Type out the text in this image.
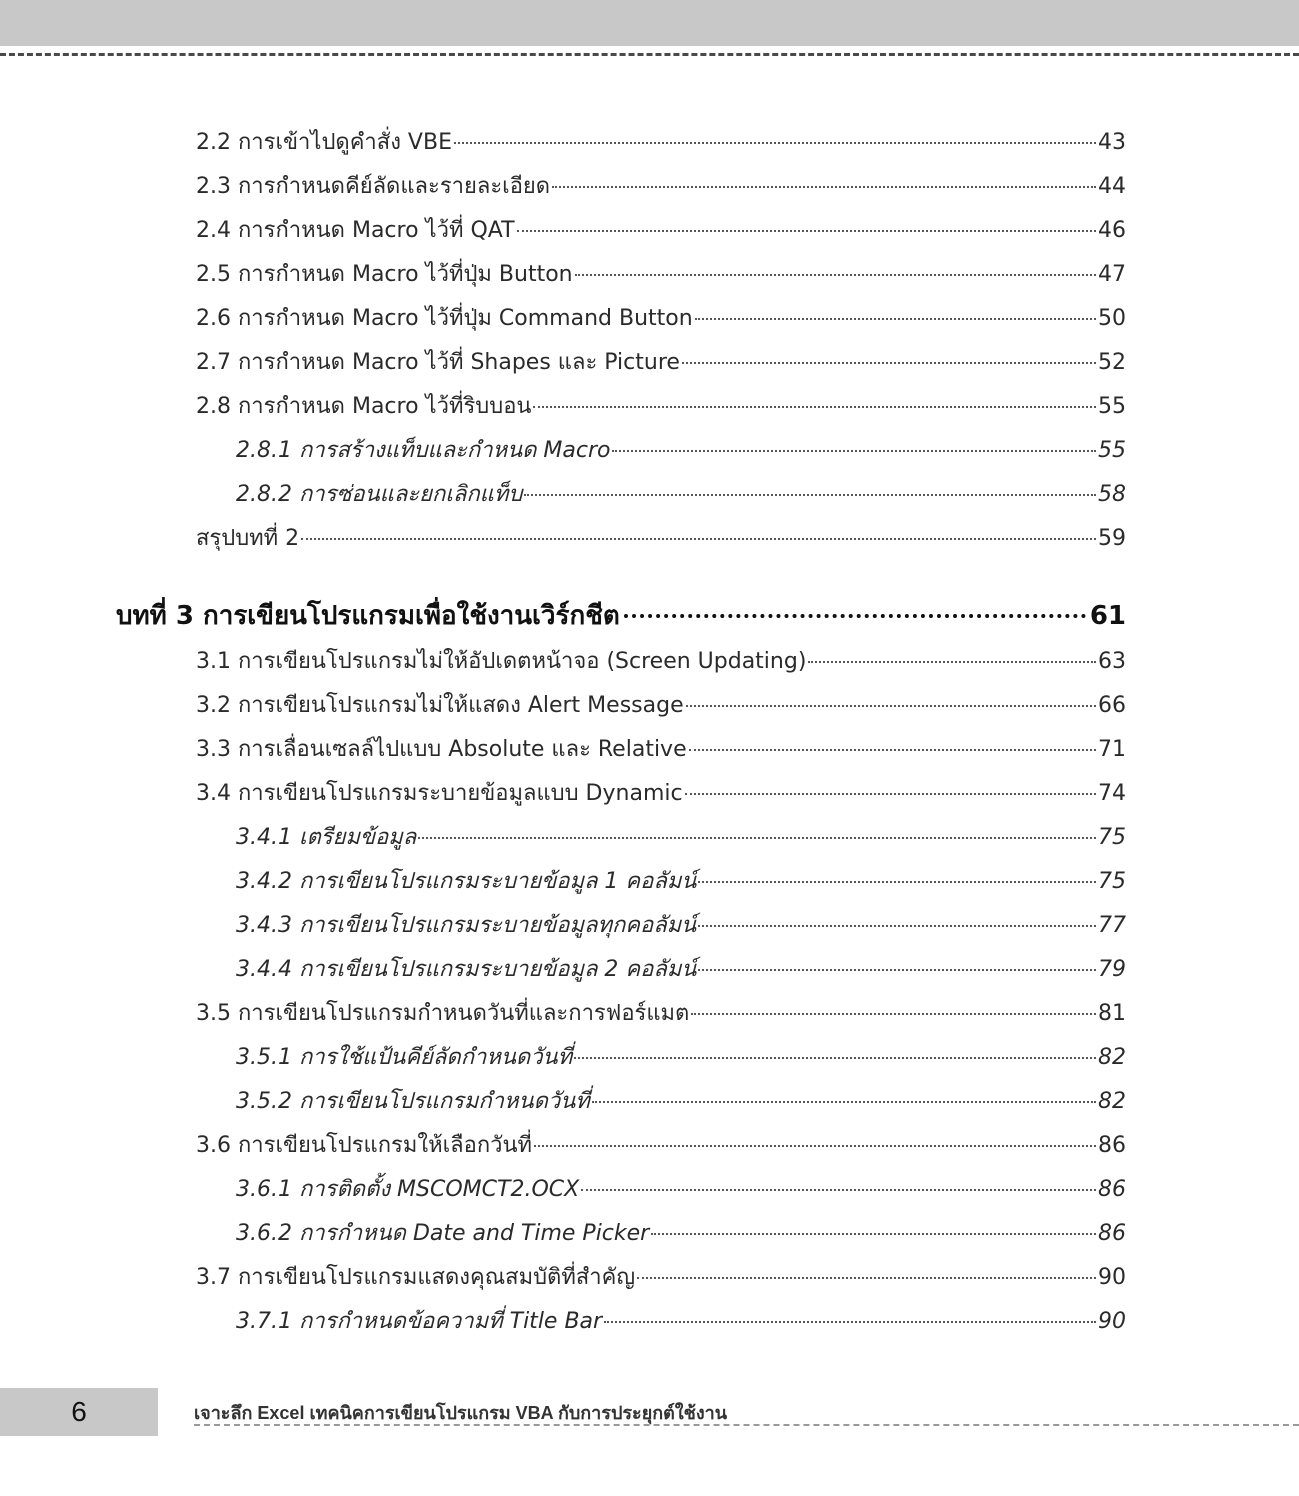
2.2 การเข้าไปดูคำสั่ง VBE	43
2.3 การกำหนดคีย์ลัดและรายละเอียด	44
2.4 การกำหนด Macro ไว้ที่ QAT	46
2.5 การกำหนด Macro ไว้ที่ปุ่ม Button	47
2.6 การกำหนด Macro ไว้ที่ปุ่ม Command Button	50
2.7 การกำหนด Macro ไว้ที่ Shapes และ Picture	52
2.8 การกำหนด Macro ไว้ที่ริบบอน	55
2.8.1 การสร้างแท็บและกำหนด Macro	55
2.8.2 การซ่อนและยกเลิกแท็บ	58
สรุปบทที่ 2	59
บทที่ 3 การเขียนโปรแกรมเพื่อใช้งานเวิร์กชีต	61
3.1 การเขียนโปรแกรมไม่ให้อัปเดตหน้าจอ (Screen Updating)	63
3.2 การเขียนโปรแกรมไม่ให้แสดง Alert Message	66
3.3 การเลื่อนเซลล์ไปแบบ Absolute และ Relative	71
3.4 การเขียนโปรแกรมระบายข้อมูลแบบ Dynamic	74
3.4.1 เตรียมข้อมูล	75
3.4.2 การเขียนโปรแกรมระบายข้อมูล 1 คอลัมน์	75
3.4.3 การเขียนโปรแกรมระบายข้อมูลทุกคอลัมน์	77
3.4.4 การเขียนโปรแกรมระบายข้อมูล 2 คอลัมน์	79
3.5 การเขียนโปรแกรมกำหนดวันที่และการฟอร์แมต	81
3.5.1 การใช้แป้นคีย์ลัดกำหนดวันที่	82
3.5.2 การเขียนโปรแกรมกำหนดวันที่	82
3.6 การเขียนโปรแกรมให้เลือกวันที่	86
3.6.1 การติดตั้ง MSCOMCT2.OCX	86
3.6.2 การกำหนด Date and Time Picker	86
3.7 การเขียนโปรแกรมแสดงคุณสมบัติที่สำคัญ	90
3.7.1 การกำหนดข้อความที่ Title Bar	90
6	เจาะลึก Excel เทคนิคการเขียนโปรแกรม VBA กับการประยุกต์ใช้งาน
